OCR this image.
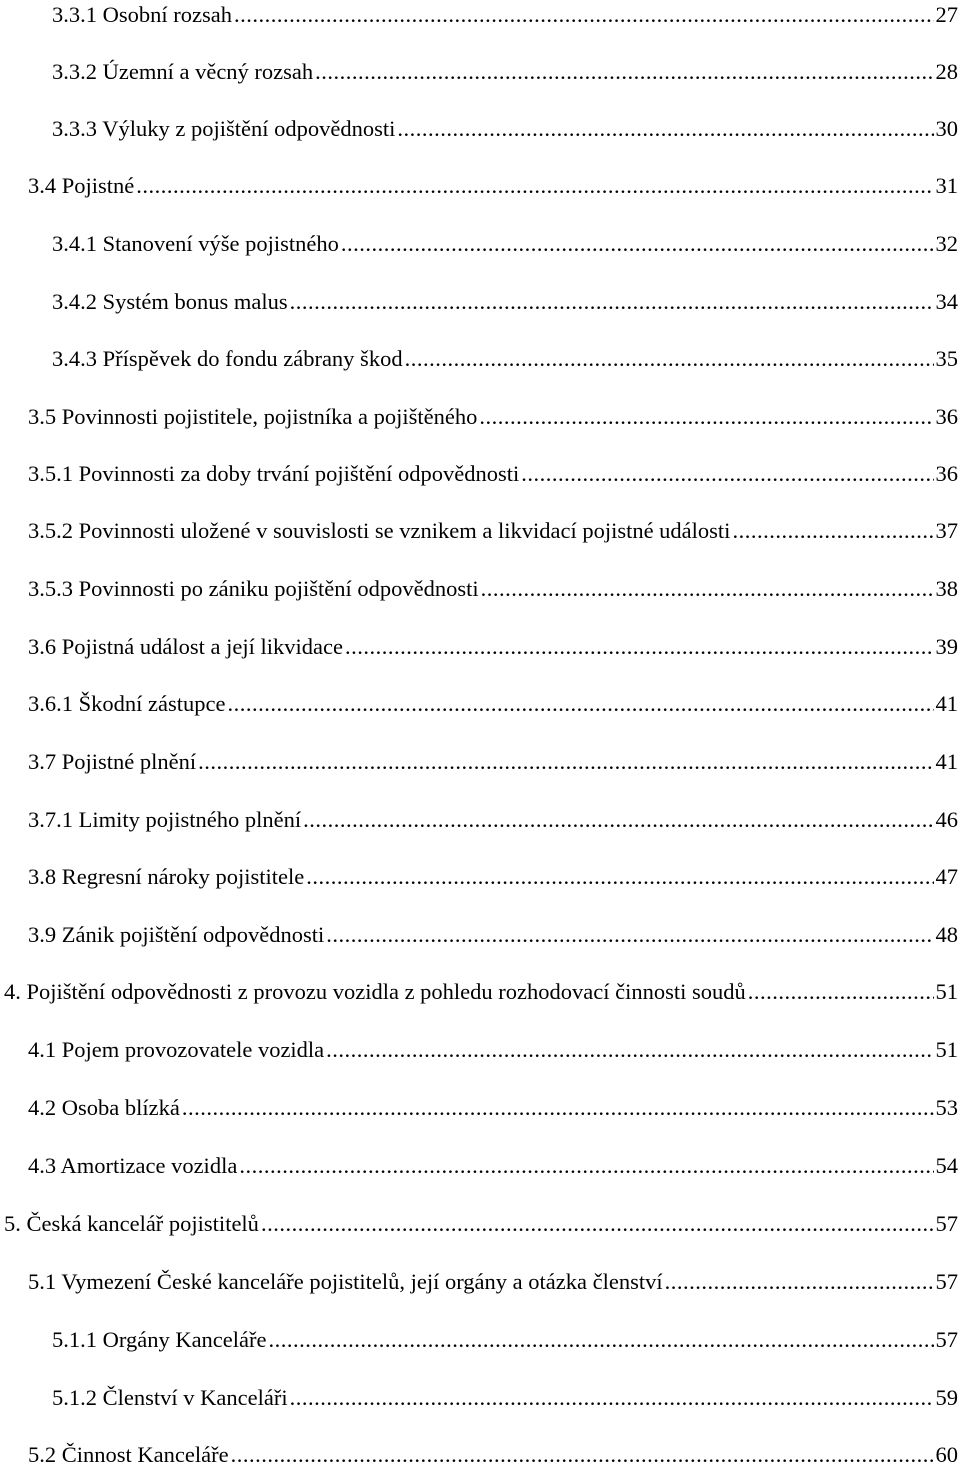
3.3.1 Osobní rozsah .....	27
3.3.2 Územní a věcný rozsah .....	28
3.3.3 Výluky z pojištění odpovědnosti .....	30
3.4 Pojistné .....	31
3.4.1 Stanovení výše pojistného .....	32
3.4.2 Systém bonus malus .....	34
3.4.3 Příspěvek do fondu zábrany škod .....	35
3.5 Povinnosti pojistitele, pojistníka a pojištěného .....	36
3.5.1 Povinnosti za doby trvání pojištění odpovědnosti .....	36
3.5.2 Povinnosti uložené v souvislosti se vznikem a likvidací pojistné události .....	37
3.5.3 Povinnosti po zániku pojištění odpovědnosti .....	38
3.6 Pojistná událost a její likvidace .....	39
3.6.1 Škodní zástupce .....	41
3.7 Pojistné plnění .....	41
3.7.1 Limity pojistného plnění .....	46
3.8 Regresní nároky pojistitele .....	47
3.9 Zánik pojištění odpovědnosti .....	48
4. Pojištění odpovědnosti z provozu vozidla z pohledu rozhodovací činnosti soudů .....	51
4.1 Pojem provozovatele vozidla .....	51
4.2 Osoba blízká .....	53
4.3 Amortizace vozidla .....	54
5. Česká kancelář pojistitelů .....	57
5.1 Vymezení České kanceláře pojistitelů, její orgány a otázka členství .....	57
5.1.1 Orgány Kanceláře .....	57
5.1.2 Členství v Kanceláři .....	59
5.2 Činnost Kanceláře .....	60
